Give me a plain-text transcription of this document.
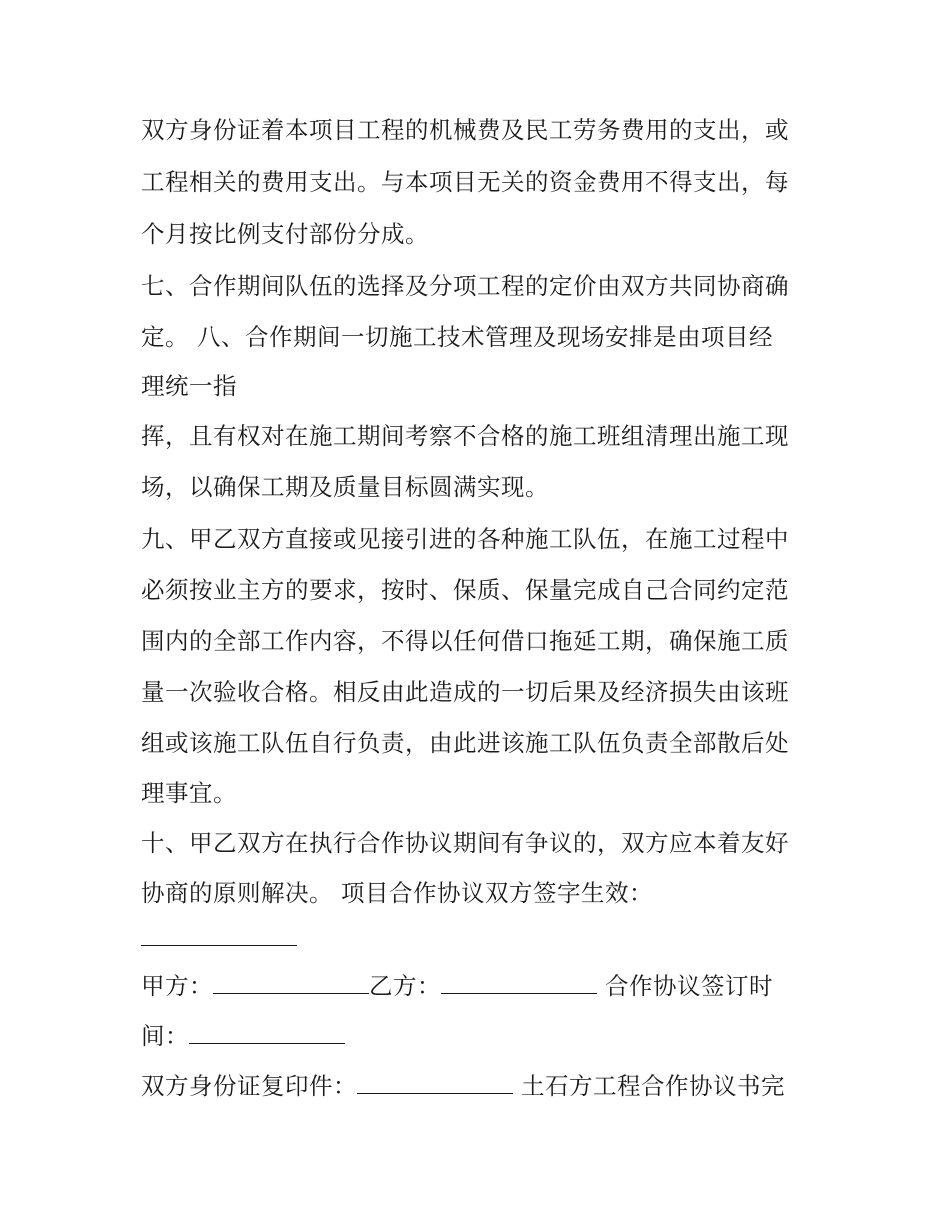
双方身份证着本项目工程的机械费及民工劳务费用的支出，或
工程相关的费用支出。与本项目无关的资金费用不得支出，每
个月按比例支付部份分成。
七、合作期间队伍的选择及分项工程的定价由双方共同协商确
定。 八、合作期间一切施工技术管理及现场安排是由项目经
理统一指
挥，且有权对在施工期间考察不合格的施工班组清理出施工现
场，以确保工期及质量目标圆满实现。
九、甲乙双方直接或见接引进的各种施工队伍，在施工过程中
必须按业主方的要求，按时、保质、保量完成自己合同约定范
围内的全部工作内容，不得以任何借口拖延工期，确保施工质
量一次验收合格。相反由此造成的一切后果及经济损失由该班
组或该施工队伍自行负责，由此进该施工队伍负责全部散后处
理事宜。
十、甲乙双方在执行合作协议期间有争议的，双方应本着友好
协商的原则解决。 项目合作协议双方签字生效：
甲方：	乙方：	合作协议签订时
间：
双方身份证复印件：	土石方工程合作协议书完
